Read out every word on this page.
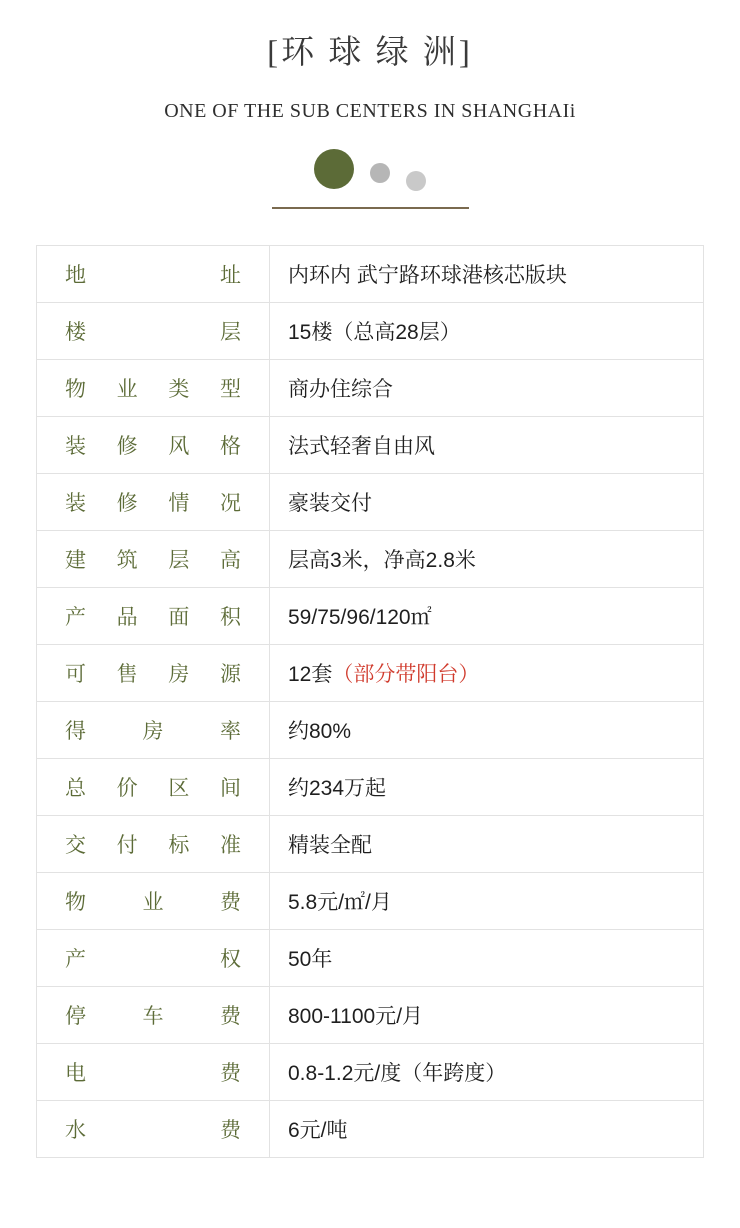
[环 球 绿 洲]
ONE OF THE SUB CENTERS IN SHANGHAIi
地 址	内环内 武宁路环球港核芯版块

楼 层	15楼（总高28层）

物业类型	商办住综合

装修风格	法式轻奢自由风

装修情况	豪装交付

建筑层高	层高3米，净高2.8米

产品面积	59/75/96/120㎡

可售房源	12套（部分带阳台）

得 房 率	约80%

总价区间	约234万起

交付标准	精装全配

物 业 费	5.8元/㎡/月

产 权	50年

停 车 费	800-1100元/月

电 费	0.8-1.2元/度（年跨度）

水 费	6元/吨
